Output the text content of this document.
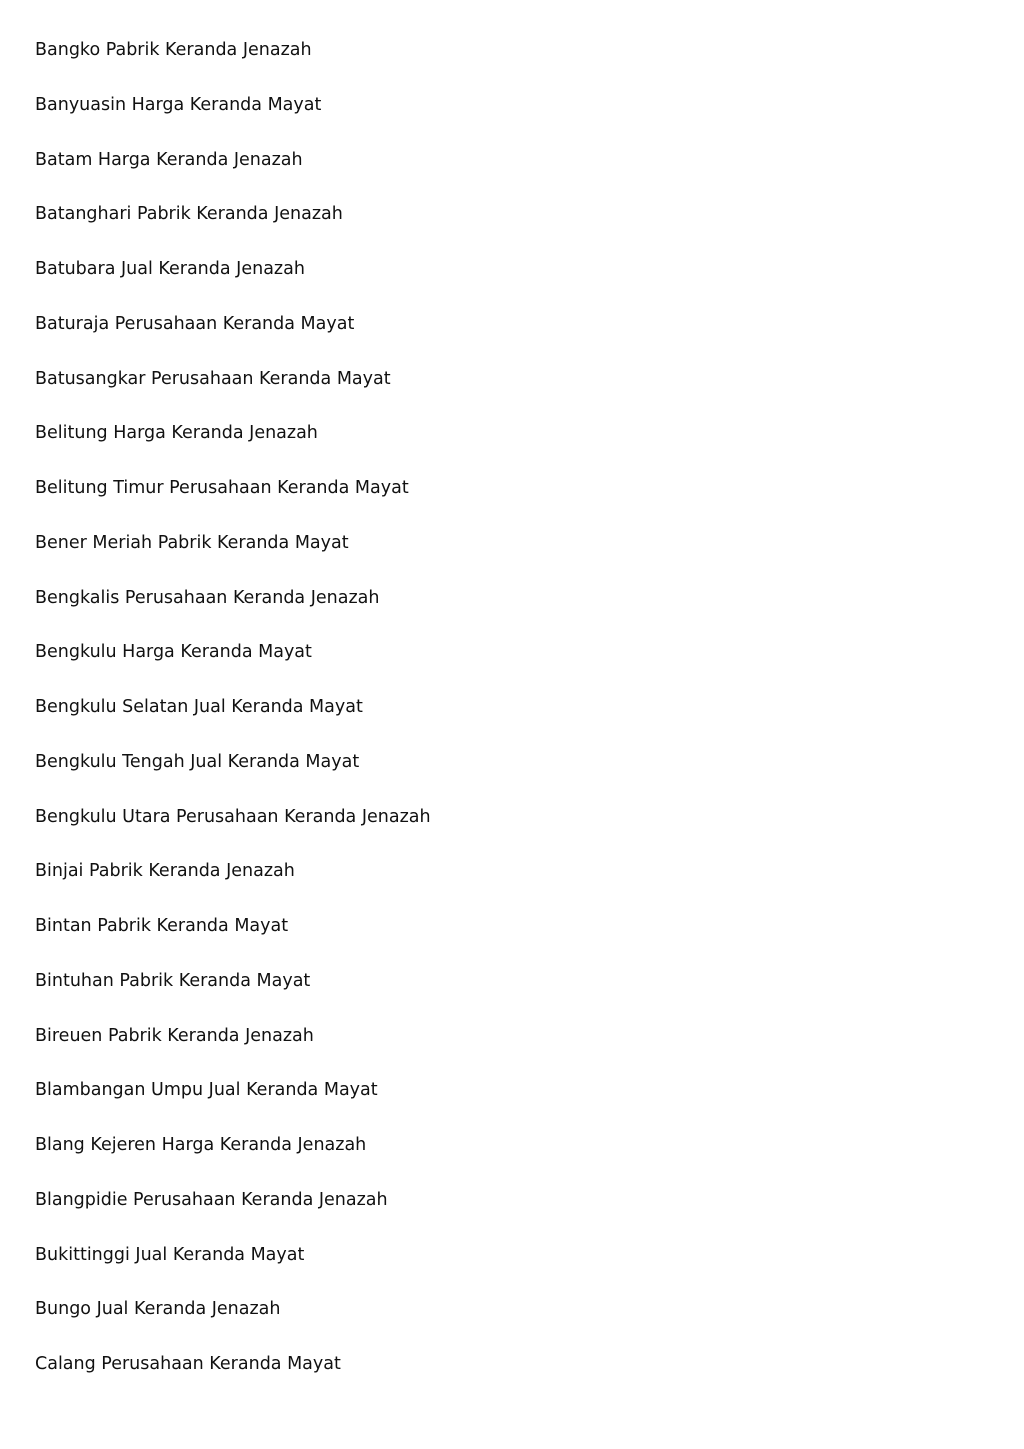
Bangko Pabrik Keranda Jenazah
Banyuasin Harga Keranda Mayat
Batam Harga Keranda Jenazah
Batanghari Pabrik Keranda Jenazah
Batubara Jual Keranda Jenazah
Baturaja Perusahaan Keranda Mayat
Batusangkar Perusahaan Keranda Mayat
Belitung Harga Keranda Jenazah
Belitung Timur Perusahaan Keranda Mayat
Bener Meriah Pabrik Keranda Mayat
Bengkalis Perusahaan Keranda Jenazah
Bengkulu Harga Keranda Mayat
Bengkulu Selatan Jual Keranda Mayat
Bengkulu Tengah Jual Keranda Mayat
Bengkulu Utara Perusahaan Keranda Jenazah
Binjai Pabrik Keranda Jenazah
Bintan Pabrik Keranda Mayat
Bintuhan Pabrik Keranda Mayat
Bireuen Pabrik Keranda Jenazah
Blambangan Umpu Jual Keranda Mayat
Blang Kejeren Harga Keranda Jenazah
Blangpidie Perusahaan Keranda Jenazah
Bukittinggi Jual Keranda Mayat
Bungo Jual Keranda Jenazah
Calang Perusahaan Keranda Mayat
